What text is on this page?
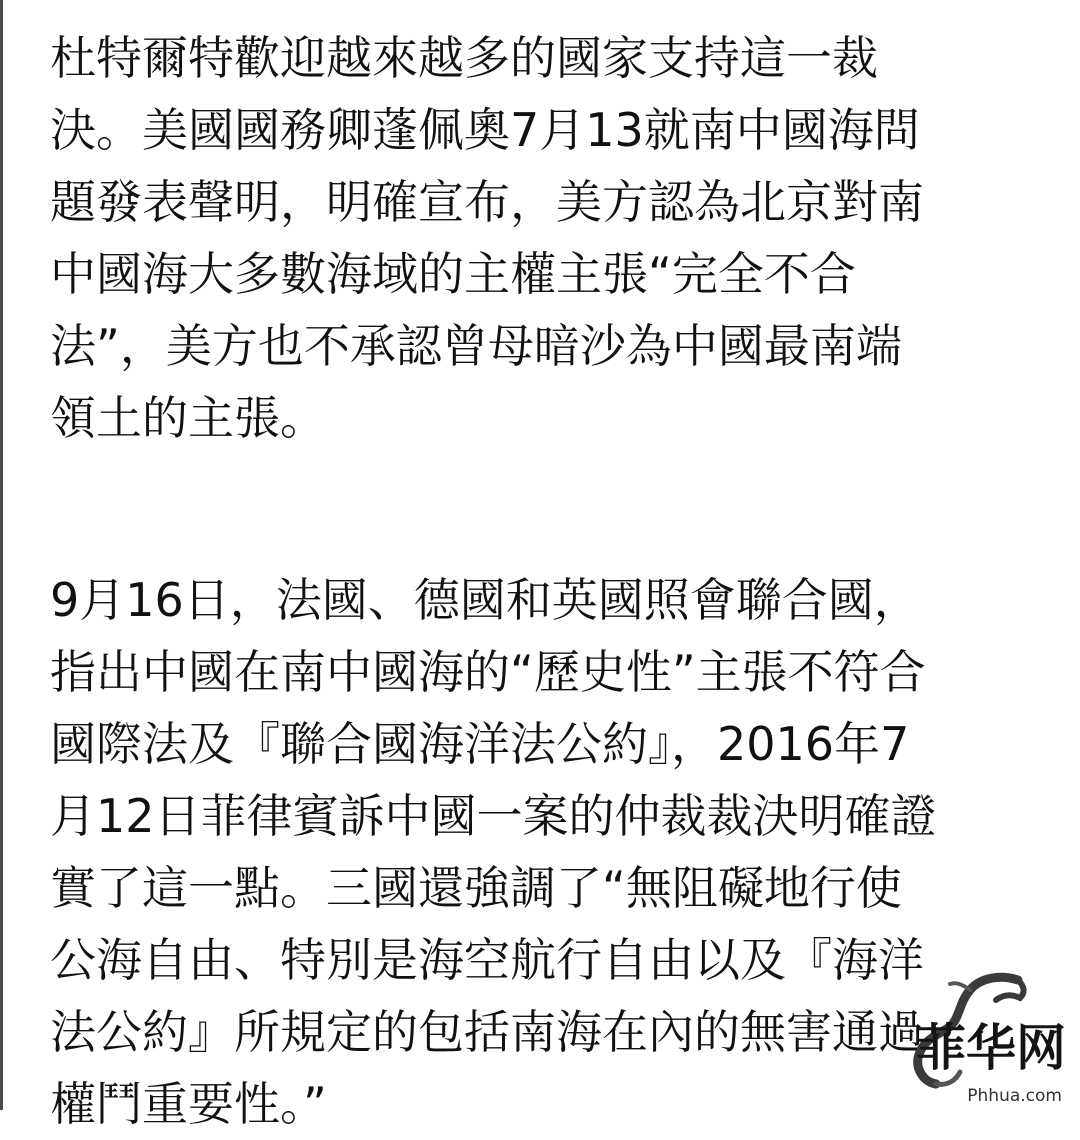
杜特爾特歡迎越來越多的國家支持這一裁
決。美國國務卿蓬佩奧7月13就南中國海問
題發表聲明，明確宣布，美方認為北京對南
中國海大多數海域的主權主張“完全不合
法”，美方也不承認曾母暗沙為中國最南端
領土的主張。
9月16日，法國、德國和英國照會聯合國，
指出中國在南中國海的“歷史性”主張不符合
國際法及『聯合國海洋法公約』，2016年7
月12日菲律賓訴中國一案的仲裁裁決明確證
實了這一點。三國還強調了“無阻礙地行使
公海自由、特別是海空航行自由以及『海洋
法公約』所規定的包括南海在內的無害通過
權鬥重要性。”
菲华网
Phhua.com
